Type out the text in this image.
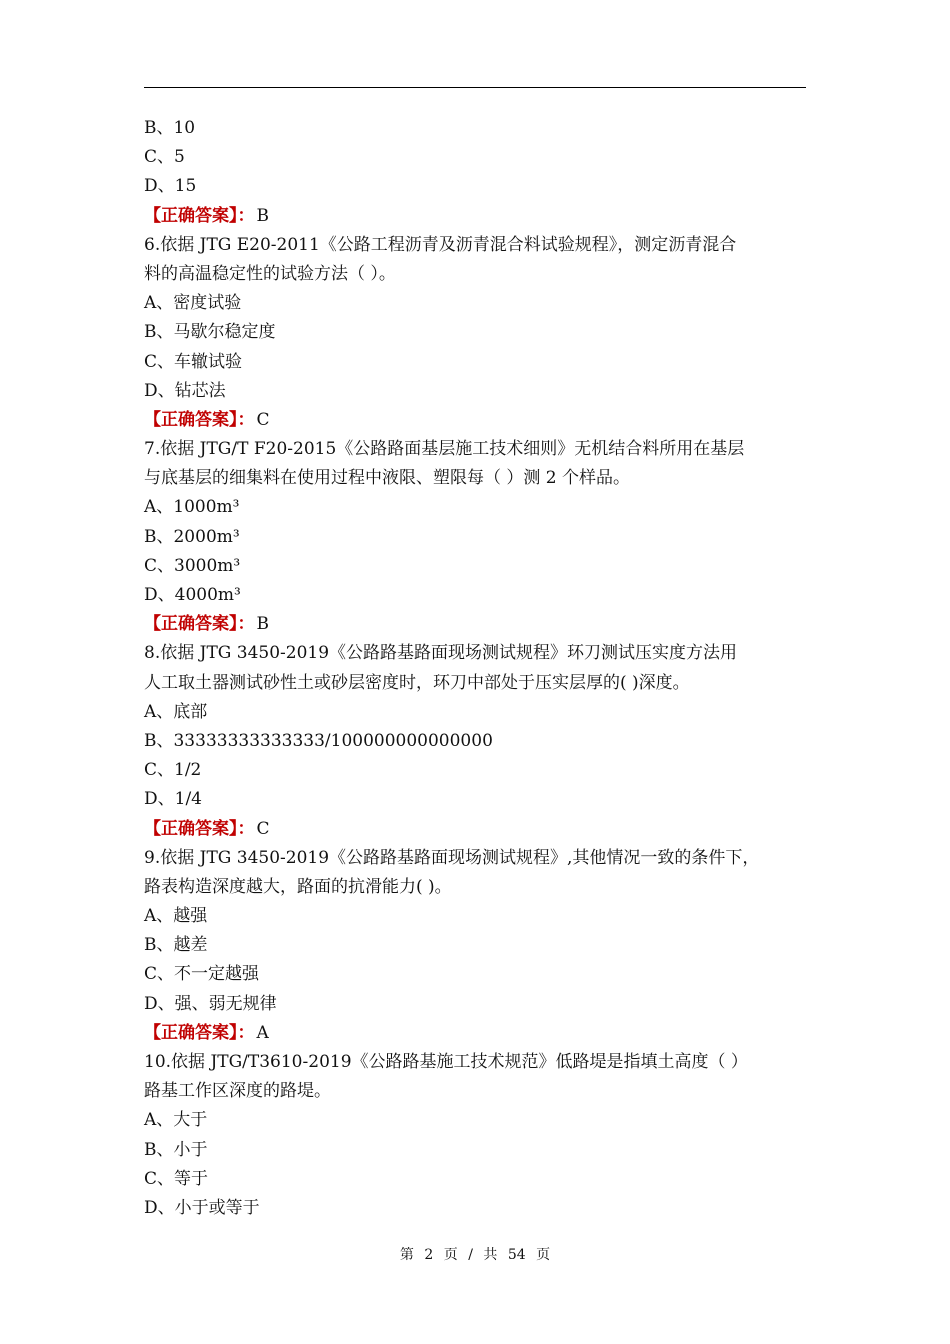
B、10
C、5
D、15
【正确答案】： B
6.依据 JTG E20-2011《公路工程沥青及沥青混合料试验规程》，测定沥青混合
料的高温稳定性的试验方法（ ）。
A、密度试验
B、马歇尔稳定度
C、车辙试验
D、钻芯法
【正确答案】： C
7.依据 JTG/T F20-2015《公路路面基层施工技术细则》无机结合料所用在基层
与底基层的细集料在使用过程中液限、塑限每（ ）测 2 个样品。
A、1000m³
B、2000m³
C、3000m³
D、4000m³
【正确答案】： B
8.依据 JTG 3450-2019《公路路基路面现场测试规程》环刀测试压实度方法用
人工取土器测试砂性土或砂层密度时，环刀中部处于压实层厚的( )深度。
A、底部
B、33333333333333/100000000000000
C、1/2
D、1/4
【正确答案】： C
9.依据 JTG 3450-2019《公路路基路面现场测试规程》,其他情况一致的条件下，
路表构造深度越大，路面的抗滑能力( )。
A、越强
B、越差
C、不一定越强
D、强、弱无规律
【正确答案】： A
10.依据 JTG/T3610-2019《公路路基施工技术规范》低路堤是指填土高度（ ）
路基工作区深度的路堤。
A、大于
B、小于
C、等于
D、小于或等于
第 2 页 / 共 54 页
